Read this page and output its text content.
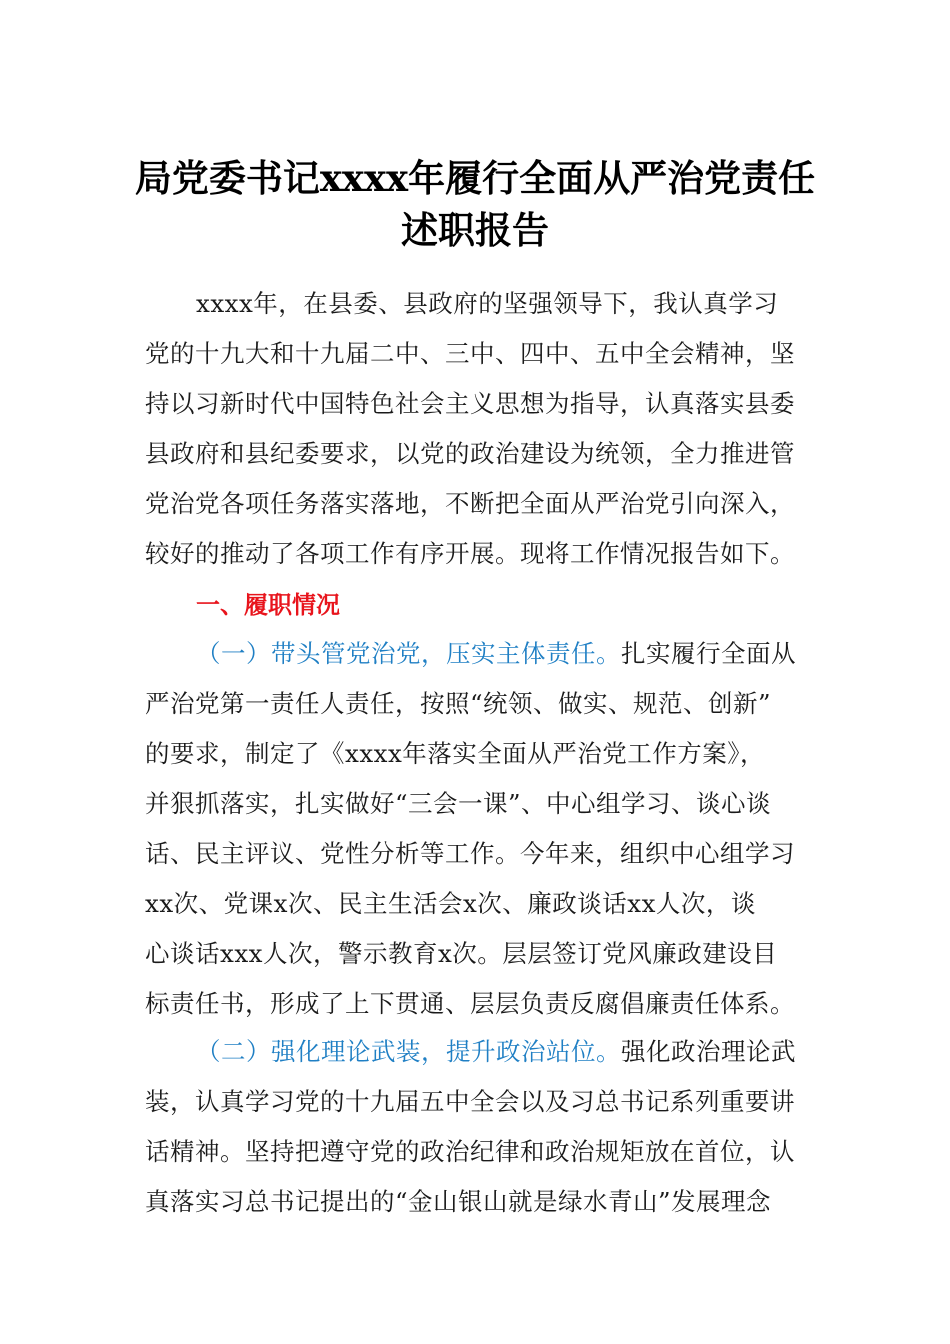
局党委书记xxxx年履行全面从严治党责任
述职报告
xxxx年，在县委、县政府的坚强领导下，我认真学习
党的十九大和十九届二中、三中、四中、五中全会精神，坚
持以习新时代中国特色社会主义思想为指导，认真落实县委
县政府和县纪委要求，以党的政治建设为统领，全力推进管
党治党各项任务落实落地，不断把全面从严治党引向深入，
较好的推动了各项工作有序开展。现将工作情况报告如下。
一、履职情况
（一）带头管党治党，压实主体责任。扎实履行全面从
严治党第一责任人责任，按照“统领、做实、规范、创新”
的要求，制定了《xxxx年落实全面从严治党工作方案》，
并狠抓落实，扎实做好“三会一课”、中心组学习、谈心谈
话、民主评议、党性分析等工作。今年来，组织中心组学习
xx次、党课x次、民主生活会x次、廉政谈话xx人次，谈
心谈话xxx人次，警示教育x次。层层签订党风廉政建设目
标责任书，形成了上下贯通、层层负责反腐倡廉责任体系。
（二）强化理论武装，提升政治站位。强化政治理论武
装，认真学习党的十九届五中全会以及习总书记系列重要讲
话精神。坚持把遵守党的政治纪律和政治规矩放在首位，认
真落实习总书记提出的“金山银山就是绿水青山”发展理念
